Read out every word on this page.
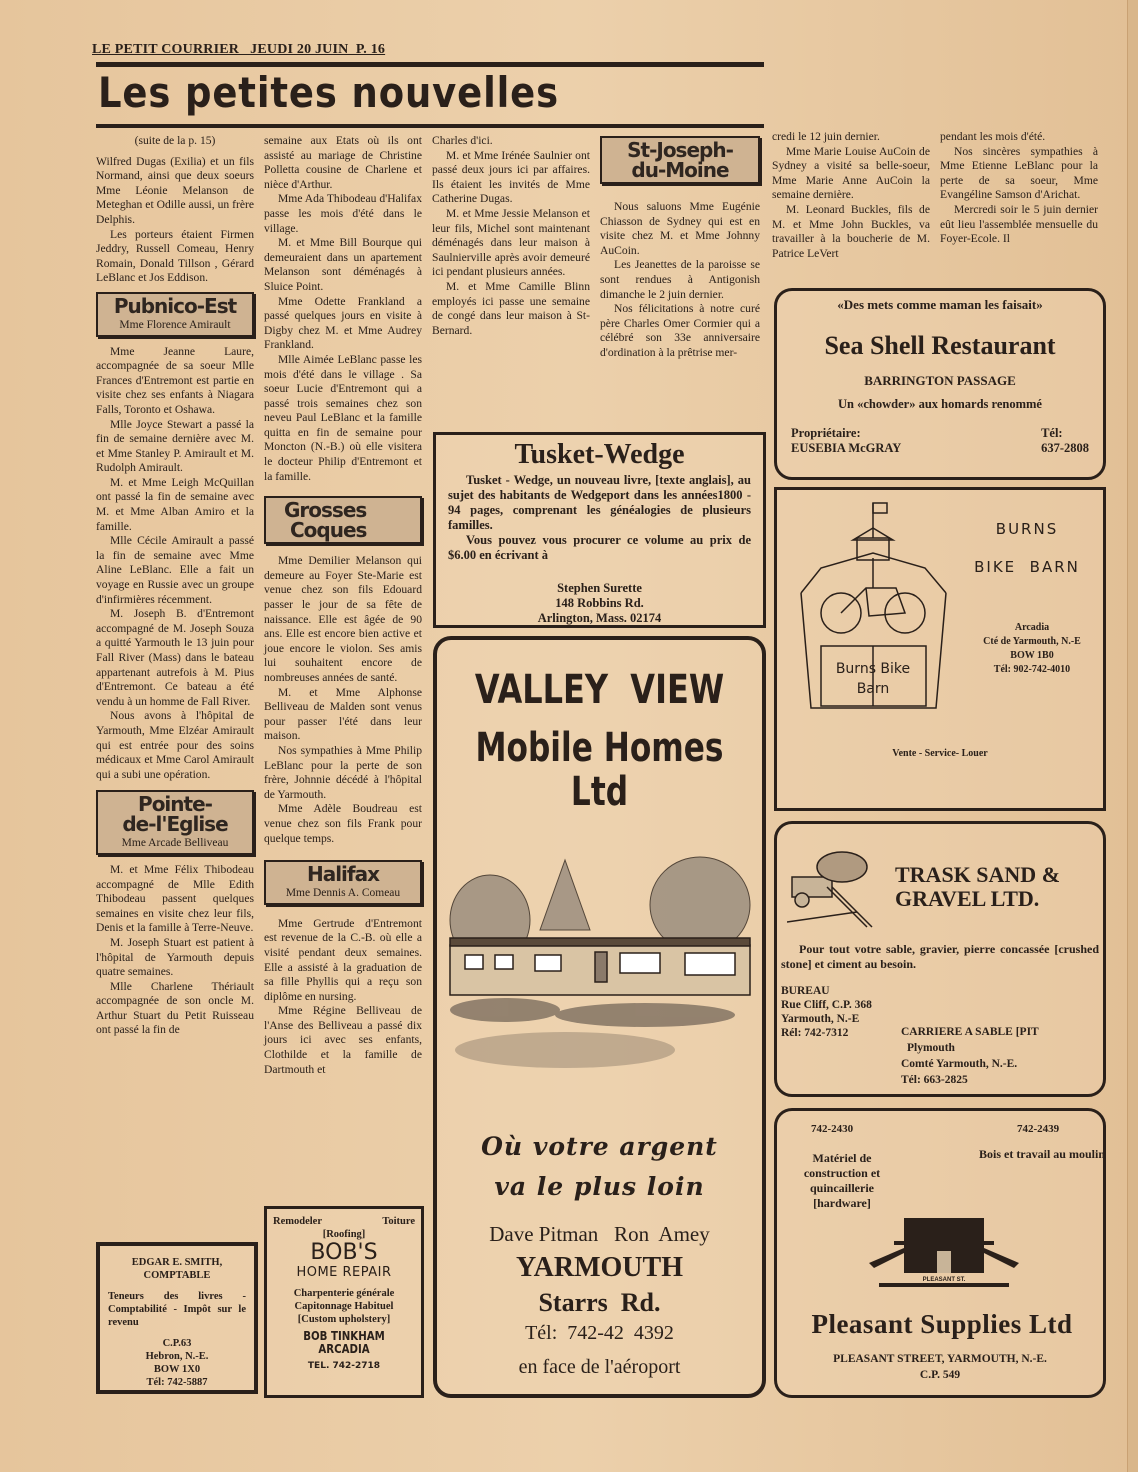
LE PETIT COURRIER   JEUDI 20 JUIN  P. 16
Les petites nouvelles

(suite de la p. 15)

Wilfred Dugas (Exilia) et un fils Normand, ainsi que deux soeurs Mme Léonie Melanson de Meteghan et Odille aussi, un frère Delphis.

Les porteurs étaient Firmen Jeddry, Russell Comeau, Henry Romain, Donald Tillson , Gérard LeBlanc et Jos Eddison.

Pubnico-Est
Mme Florence Amirault

Mme Jeanne Laure, accompagnée de sa soeur Mlle Frances d'Entremont est partie en visite chez ses enfants à Niagara Falls, Toronto et Oshawa.

Mlle Joyce Stewart a passé la fin de semaine dernière avec M. et Mme Stanley P. Amirault et M. Rudolph Amirault.

M. et Mme Leigh McQuillan ont passé la fin de semaine avec M. et Mme Alban Amiro et la famille.

Mlle Cécile Amirault a passé la fin de semaine avec Mme Aline LeBlanc. Elle a fait un voyage en Russie avec un groupe d'infirmières récemment.

M. Joseph B. d'Entremont accompagné de M. Joseph Souza a quitté Yarmouth le 13 juin pour Fall River (Mass) dans le bateau appartenant autrefois à M. Pius d'Entremont. Ce bateau a été vendu à un homme de Fall River.

Nous avons à l'hôpital de Yarmouth, Mme Elzéar Amirault qui est entrée pour des soins médicaux et Mme Carol Amirault qui a subi une opération.

Pointe-
de-l'Eglise
Mme Arcade Belliveau

M. et Mme Félix Thibodeau accompagné de Mlle Edith Thibodeau passent quelques semaines en visite chez leur fils, Denis et la famille à Terre-Neuve.

M. Joseph Stuart est patient à l'hôpital de Yarmouth depuis quatre semaines.

Mlle Charlene Thériault accompagnée de son oncle M. Arthur Stuart du Petit Ruisseau ont passé la fin de

EDGAR E. SMITH,
COMPTABLE
Teneurs des livres - Comptabilité - Impôt sur le revenu
C.P.63
Hebron, N.-E.
BOW 1X0
Tél: 742-5887

semaine aux Etats où ils ont assisté au mariage de Christine Polletta cousine de Charlene et nièce d'Arthur.

Mme Ada Thibodeau d'Halifax passe les mois d'été dans le village.

M. et Mme Bill Bourque qui demeuraient dans un apartement Melanson sont déménagés à Sluice Point.

Mme Odette Frankland a passé quelques jours en visite à Digby chez M. et Mme Audrey Frankland.

Mlle Aimée LeBlanc passe les mois d'été dans le village . Sa soeur Lucie d'Entremont qui a passé trois semaines chez son neveu Paul LeBlanc et la famille quitta en fin de semaine pour Moncton (N.-B.) où elle visitera le docteur Philip d'Entremont et la famille.

Grosses
Coques

Mme Demilier Melanson qui demeure au Foyer Ste-Marie est venue chez son fils Edouard passer le jour de sa fête de naissance. Elle est âgée de 90 ans. Elle est encore bien active et joue encore le violon. Ses amis lui souhaitent encore de nombreuses années de santé.

M. et Mme Alphonse Belliveau de Malden sont venus pour passer l'été dans leur maison.

Nos sympathies à Mme Philip LeBlanc pour la perte de son frère, Johnnie décédé à l'hôpital de Yarmouth.

Mme Adèle Boudreau est venue chez son fils Frank pour quelque temps.

Halifax
Mme Dennis A. Comeau

Mme Gertrude d'Entremont est revenue de la C.-B. où elle a visité pendant deux semaines. Elle a assisté à la graduation de sa fille Phyllis qui a reçu son diplôme en nursing.

Mme Régine Belliveau de l'Anse des Belliveau a passé dix jours ici avec ses enfants, Clothilde et la famille de Dartmouth et

Remodeler	Toiture
[Roofing]
BOB'S
HOME REPAIR
Charpenterie générale
Capitonnage Habituel
[Custom upholstery]
BOB TINKHAM
ARCADIA
TEL. 742-2718

Charles d'ici.

M. et Mme Irénée Saulnier ont passé deux jours ici par affaires. Ils étaient les invités de Mme Catherine Dugas.

M. et Mme Jessie Melanson et leur fils, Michel sont maintenant déménagés dans leur maison à Saulnierville après avoir demeuré ici pendant plusieurs années.

M. et Mme Camille Blinn employés ici passe une semaine de congé dans leur maison à St-Bernard.

St-Joseph-
du-Moine

Nous saluons Mme Eugénie Chiasson de Sydney qui est en visite chez M. et Mme Johnny AuCoin.

Les Jeanettes de la paroisse se sont rendues à Antigonish dimanche le 2 juin dernier.

Nos félicitations à notre curé père Charles Omer Cormier qui a célébré son 33e anniversaire d'ordination à la prêtrise mer-

credi le 12 juin dernier.

Mme Marie Louise AuCoin de Sydney a visité sa belle-soeur, Mme Marie Anne AuCoin la semaine dernière.

M. Leonard Buckles, fils de M. et Mme John Buckles, va travailler à la boucherie de M. Patrice LeVert

pendant les mois d'été.

Nos sincères sympathies à Mme Etienne LeBlanc pour la perte de sa soeur, Mme Evangéline Samson d'Arichat.

Mercredi soir le 5 juin dernier eût lieu l'assemblée mensuelle du Foyer-Ecole. Il

Tusket-Wedge
Tusket - Wedge, un nouveau livre, [texte anglais], au sujet des habitants de Wedgeport dans les années1800 - 94 pages, comprenant les généalogies de plusieurs familles.
Vous pouvez vous procurer ce volume au prix de $6.00 en écrivant à
Stephen Surette
148 Robbins Rd.
Arlington, Mass. 02174
VALLEY  VIEW
Mobile Homes Ltd
Où votre argent
va le plus loin
Dave Pitman   Ron  Amey
YARMOUTH
Starrs  Rd.
Tél:  742-42  4392
en face de l'aéroport
«Des mets comme maman les faisait»
Sea Shell Restaurant
BARRINGTON PASSAGE
Un «chowder» aux homards renommé
Propriétaire:
EUSEBIA McGRAY
Tél:
637-2808
Burns Bike
Barn
BURNS
BIKE  BARN
Arcadia
Cté de Yarmouth, N.-E
BOW 1B0
Tél: 902-742-4010
Vente - Service- Louer
TRASK SAND &
GRAVEL LTD.
Pour tout votre sable, gravier, pierre concassée [crushed stone] et ciment au besoin.
BUREAU
Rue Cliff, C.P. 368
Yarmouth, N.-E
Rél: 742-7312	CARRIERE A SABLE [PIT
Plymouth
Comté Yarmouth, N.-E.
Tél: 663-2825
742-2430	742-2439
Matériel de construction et quincaillerie [hardware]
Bois et travail au moulin
PLEASANT ST.
Pleasant Supplies Ltd
PLEASANT STREET, YARMOUTH, N.-E.
C.P. 549
